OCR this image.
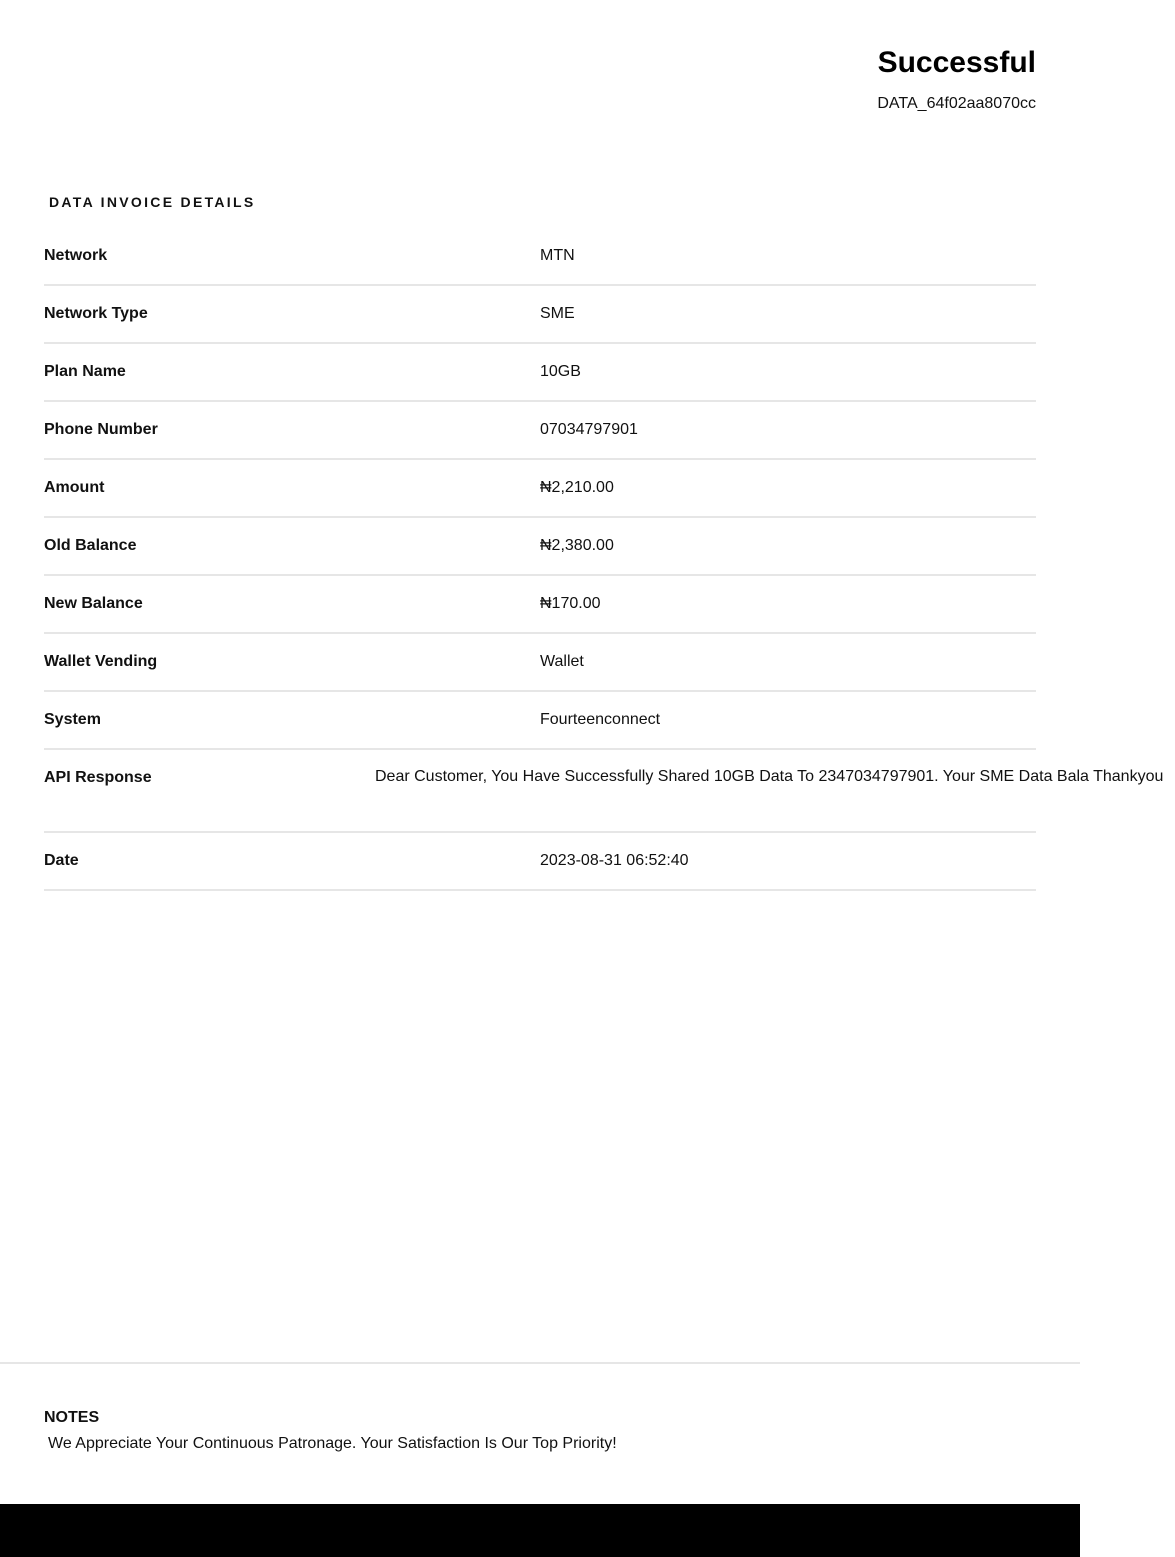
Successful
DATA_64f02aa8070cc
DATA INVOICE DETAILS
Network	MTN
Network Type	SME
Plan Name	10GB
Phone Number	07034797901
Amount	₦2,210.00
Old Balance	₦2,380.00
New Balance	₦170.00
Wallet Vending	Wallet
System	Fourteenconnect
API Response	Dear Customer, You Have Successfully Shared 10GB Data To 2347034797901. Your SME Data Bala Thankyou
Date	2023-08-31 06:52:40
NOTES
We Appreciate Your Continuous Patronage. Your Satisfaction Is Our Top Priority!
